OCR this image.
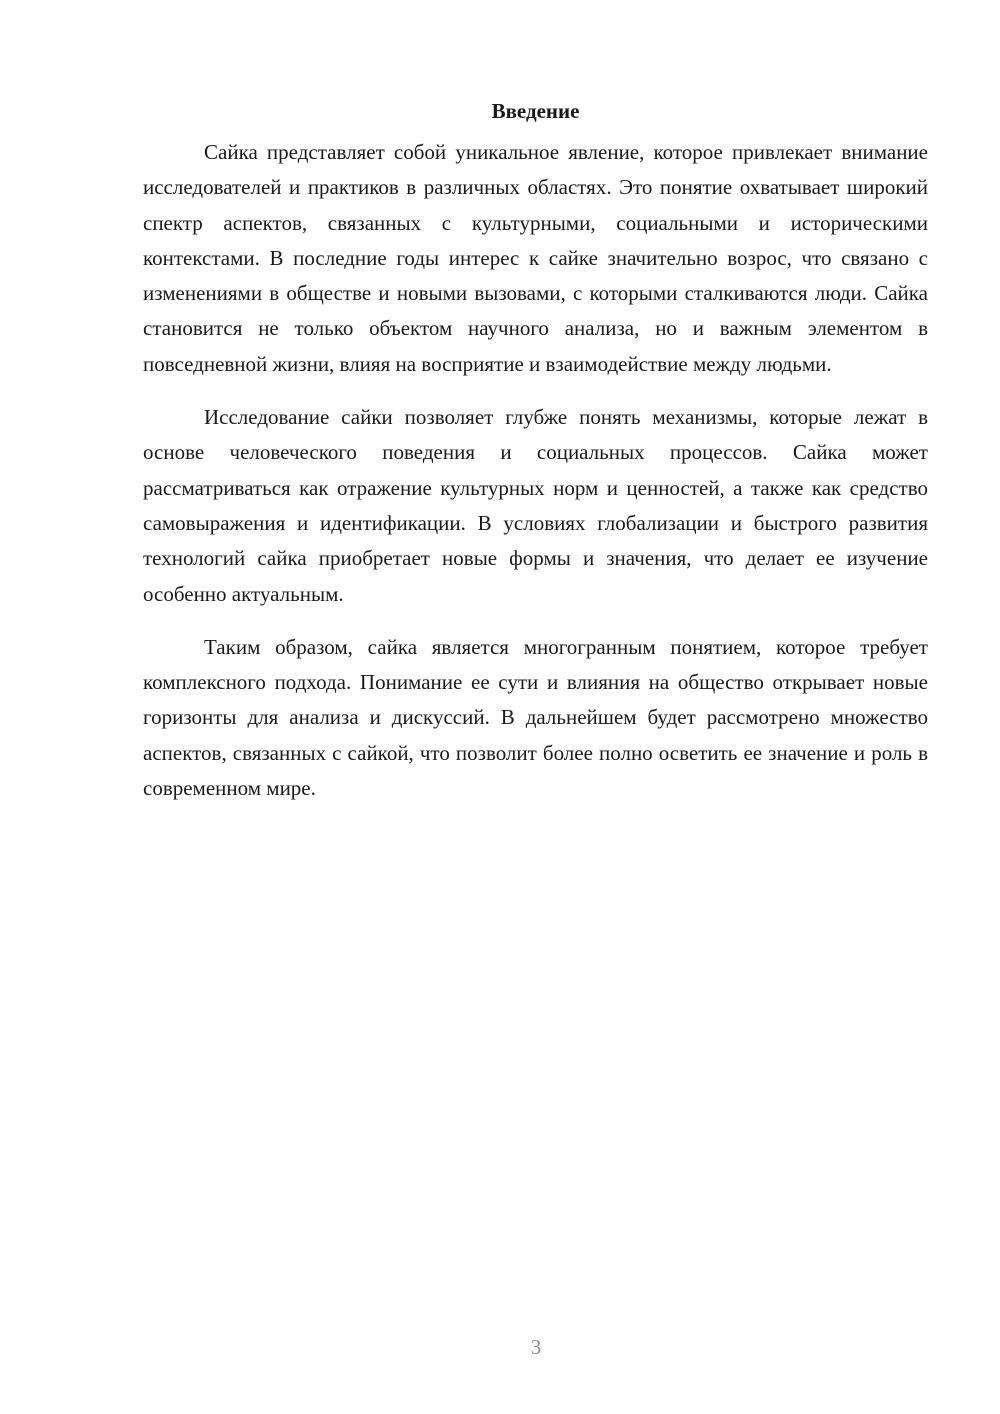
Введение

Сайка представляет собой уникальное явление, которое привлекает внимание исследователей и практиков в различных областях. Это понятие охватывает широкий спектр аспектов, связанных с культурными, социальными и историческими контекстами. В последние годы интерес к сайке значительно возрос, что связано с изменениями в обществе и новыми вызовами, с которыми сталкиваются люди. Сайка становится не только объектом научного анализа, но и важным элементом в повседневной жизни, влияя на восприятие и взаимодействие между людьми.

Исследование сайки позволяет глубже понять механизмы, которые лежат в основе человеческого поведения и социальных процессов. Сайка может рассматриваться как отражение культурных норм и ценностей, а также как средство самовыражения и идентификации. В условиях глобализации и быстрого развития технологий сайка приобретает новые формы и значения, что делает ее изучение особенно актуальным.

Таким образом, сайка является многогранным понятием, которое требует комплексного подхода. Понимание ее сути и влияния на общество открывает новые горизонты для анализа и дискуссий. В дальнейшем будет рассмотрено множество аспектов, связанных с сайкой, что позволит более полно осветить ее значение и роль в современном мире.

3
